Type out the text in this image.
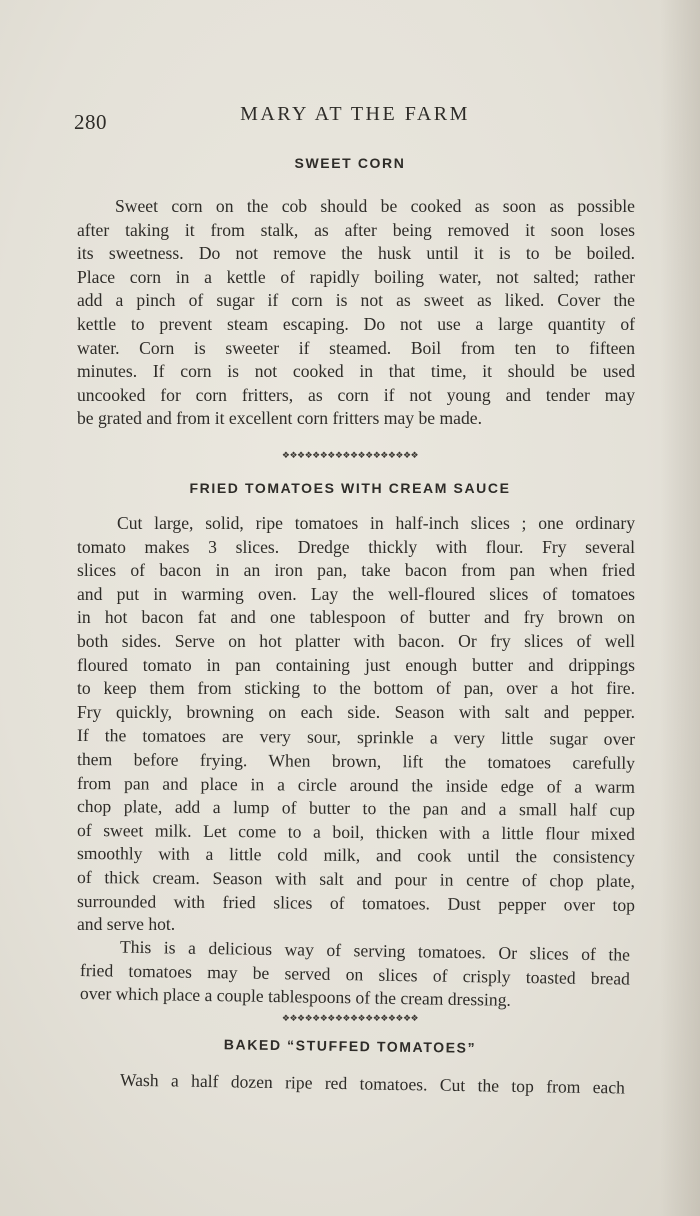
280	MARY AT THE FARM
SWEET CORN
Sweet corn on the cob should be cooked as soon as possible
after taking it from stalk, as after being removed it soon loses
its sweetness. Do not remove the husk until it is to be boiled.
Place corn in a kettle of rapidly boiling water, not salted; rather
add a pinch of sugar if corn is not as sweet as liked. Cover the
kettle to prevent steam escaping. Do not use a large quantity of
water. Corn is sweeter if steamed. Boil from ten to fifteen
minutes. If corn is not cooked in that time, it should be used
uncooked for corn fritters, as corn if not young and tender may
be grated and from it excellent corn fritters may be made.
❖❖❖❖❖❖❖❖❖❖❖❖❖❖❖❖❖❖
FRIED TOMATOES WITH CREAM SAUCE
Cut large, solid, ripe tomatoes in half-inch slices ; one ordinary
tomato makes 3 slices. Dredge thickly with flour. Fry several
slices of bacon in an iron pan, take bacon from pan when fried
and put in warming oven. Lay the well-floured slices of tomatoes
in hot bacon fat and one tablespoon of butter and fry brown on
both sides. Serve on hot platter with bacon. Or fry slices of well
floured tomato in pan containing just enough butter and drippings
to keep them from sticking to the bottom of pan, over a hot fire.
Fry quickly, browning on each side. Season with salt and pepper.
If the tomatoes are very sour, sprinkle a very little sugar over
them before frying. When brown, lift the tomatoes carefully
from pan and place in a circle around the inside edge of a warm
chop plate, add a lump of butter to the pan and a small half cup
of sweet milk. Let come to a boil, thicken with a little flour mixed
smoothly with a little cold milk, and cook until the consistency
of thick cream. Season with salt and pour in centre of chop plate,
surrounded with fried slices of tomatoes. Dust pepper over top
and serve hot.
This is a delicious way of serving tomatoes. Or slices of the
fried tomatoes may be served on slices of crisply toasted bread
over which place a couple tablespoons of the cream dressing.
❖❖❖❖❖❖❖❖❖❖❖❖❖❖❖❖❖❖
BAKED “STUFFED TOMATOES”
Wash a half dozen ripe red tomatoes. Cut the top from each
